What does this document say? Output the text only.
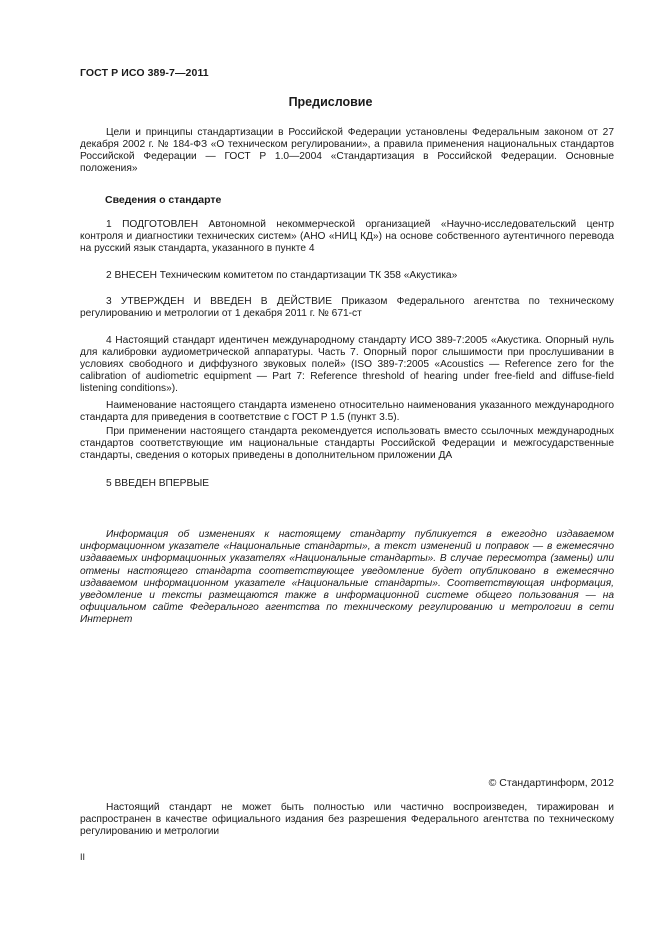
ГОСТ Р ИСО 389-7—2011
Предисловие
Цели и принципы стандартизации в Российской Федерации установлены Федеральным законом от 27 декабря 2002 г. № 184-ФЗ «О техническом регулировании», а правила применения национальных стандартов Российской Федерации — ГОСТ Р 1.0—2004 «Стандартизация в Российской Федерации. Основные положения»
Сведения о стандарте
1 ПОДГОТОВЛЕН Автономной некоммерческой организацией «Научно-исследовательский центр контроля и диагностики технических систем» (АНО «НИЦ КД») на основе собственного аутентичного перевода на русский язык стандарта, указанного в пункте 4
2 ВНЕСЕН Техническим комитетом по стандартизации ТК 358 «Акустика»
3 УТВЕРЖДЕН И ВВЕДЕН В ДЕЙСТВИЕ Приказом Федерального агентства по техническому регулированию и метрологии от 1 декабря 2011 г. № 671-ст
4 Настоящий стандарт идентичен международному стандарту ИСО 389-7:2005 «Акустика. Опорный нуль для калибровки аудиометрической аппаратуры. Часть 7. Опорный порог слышимости при прослушивании в условиях свободного и диффузного звуковых полей» (ISO 389-7:2005 «Acoustics — Reference zero for the calibration of audiometric equipment — Part 7: Reference threshold of hearing under free-field and diffuse-field listening conditions»).
Наименование настоящего стандарта изменено относительно наименования указанного международного стандарта для приведения в соответствие с ГОСТ Р 1.5 (пункт 3.5).
При применении настоящего стандарта рекомендуется использовать вместо ссылочных международных стандартов соответствующие им национальные стандарты Российской Федерации и межгосударственные стандарты, сведения о которых приведены в дополнительном приложении ДА
5 ВВЕДЕН ВПЕРВЫЕ
Информация об изменениях к настоящему стандарту публикуется в ежегодно издаваемом информационном указателе «Национальные стандарты», а текст изменений и поправок — в ежемесячно издаваемых информационных указателях «Национальные стандарты». В случае пересмотра (замены) или отмены настоящего стандарта соответствующее уведомление будет опубликовано в ежемесячно издаваемом информационном указателе «Национальные стандарты». Соответствующая информация, уведомление и тексты размещаются также в информационной системе общего пользования — на официальном сайте Федерального агентства по техническому регулированию и метрологии в сети Интернет
© Стандартинформ, 2012
Настоящий стандарт не может быть полностью или частично воспроизведен, тиражирован и распространен в качестве официального издания без разрешения Федерального агентства по техническому регулированию и метрологии
II
